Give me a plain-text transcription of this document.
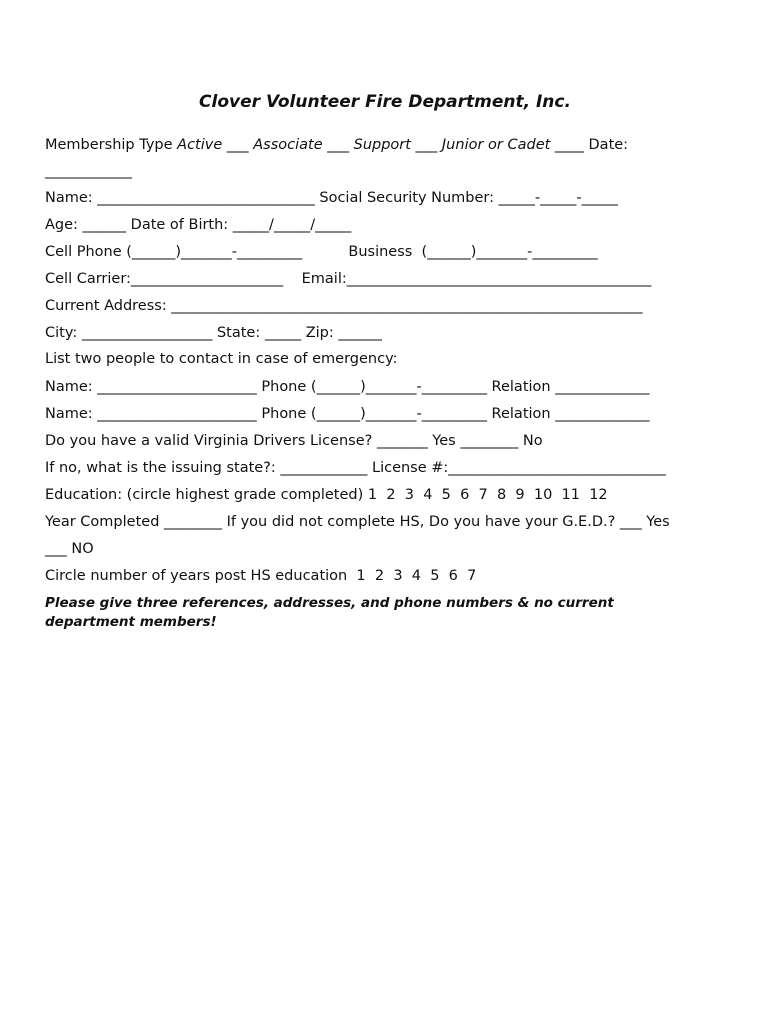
Clover Volunteer Fire Department, Inc.

Membership Type Active ___ Associate ___ Support ___ Junior or Cadet ____ Date:

____________

Name: ______________________________ Social Security Number: _____-_____-_____

Age: ______ Date of Birth: _____/_____/_____

Cell Phone (______)_______-_________          Business  (______)_______-_________

Cell Carrier:_____________________    Email:__________________________________________

Current Address: _________________________________________________________________

City: __________________ State: _____ Zip: ______

List two people to contact in case of emergency:

Name: ______________________ Phone (______)_______-_________ Relation _____________

Name: ______________________ Phone (______)_______-_________ Relation _____________

Do you have a valid Virginia Drivers License? _______ Yes ________ No

If no, what is the issuing state?: ____________ License #:______________________________

Education: (circle highest grade completed) 1  2  3  4  5  6  7  8  9  10  11  12

Year Completed ________ If you did not complete HS, Do you have your G.E.D.? ___ Yes

___ NO

Circle number of years post HS education  1  2  3  4  5  6  7

Please give three references, addresses, and phone numbers & no current department members!
